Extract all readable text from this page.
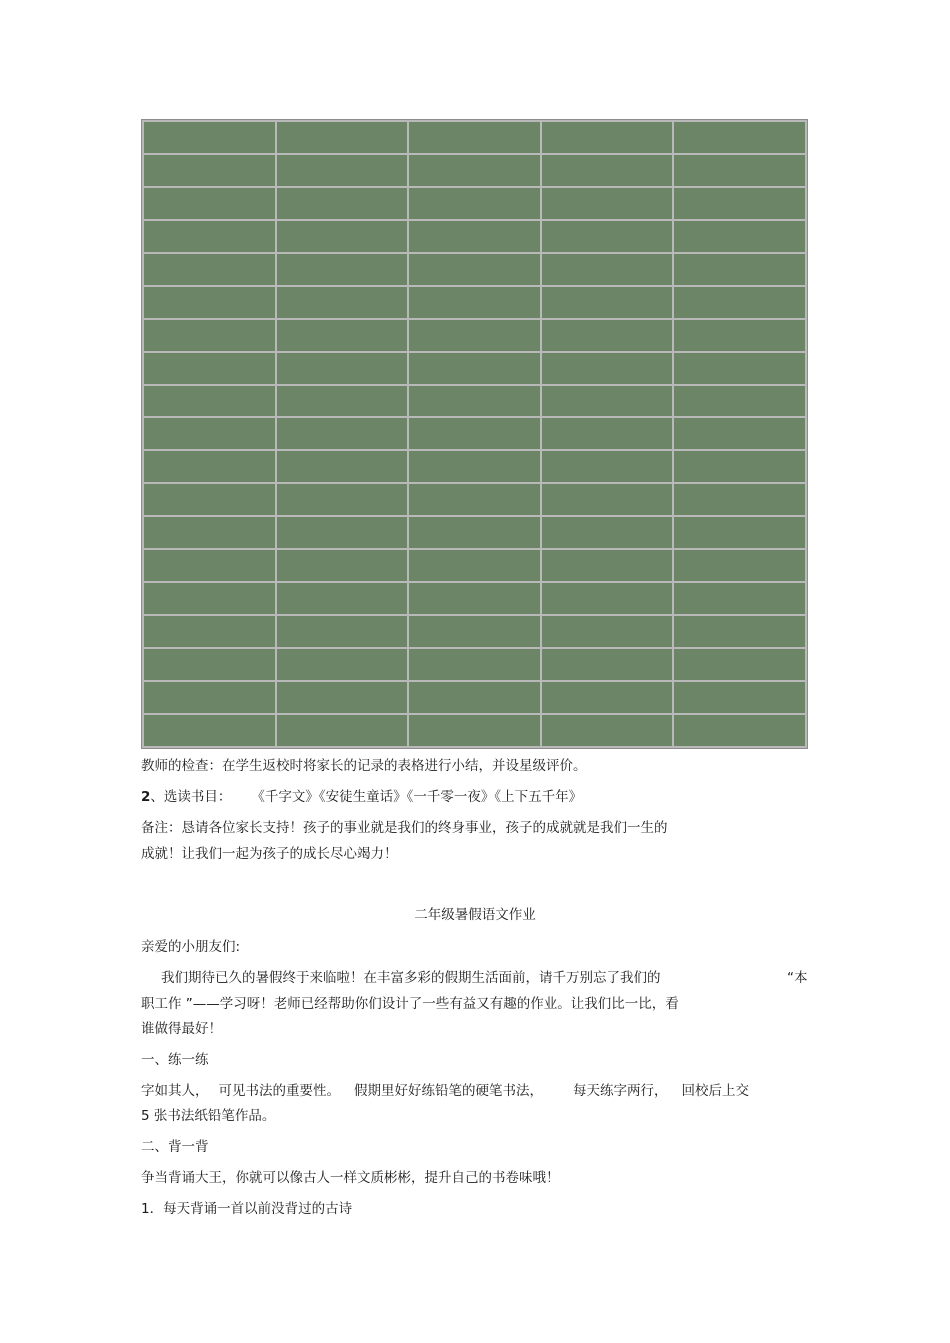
教师的检查：在学生返校时将家长的记录的表格进行小结，并设星级评价。
2、选读书目： 《千字文》《安徒生童话》《一千零一夜》《上下五千年》
备注：恳请各位家长支持！孩子的事业就是我们的终身事业，孩子的成就就是我们一生的
成就！让我们一起为孩子的成长尽心竭力！
二年级暑假语文作业
亲爱的小朋友们:
我们期待已久的暑假终于来临啦！在丰富多彩的假期生活面前，请千万别忘了我们的	“本
职工作 ”——学习呀！老师已经帮助你们设计了一些有益又有趣的作业。让我们比一比，看
谁做得最好！
一、练一练
字如其人， 可见书法的重要性。 假期里好好练铅笔的硬笔书法， 每天练字两行， 回校后上交
5 张书法纸铅笔作品。
二、背一背
争当背诵大王，你就可以像古人一样文质彬彬，提升自己的书卷味哦！
1．每天背诵一首以前没背过的古诗
